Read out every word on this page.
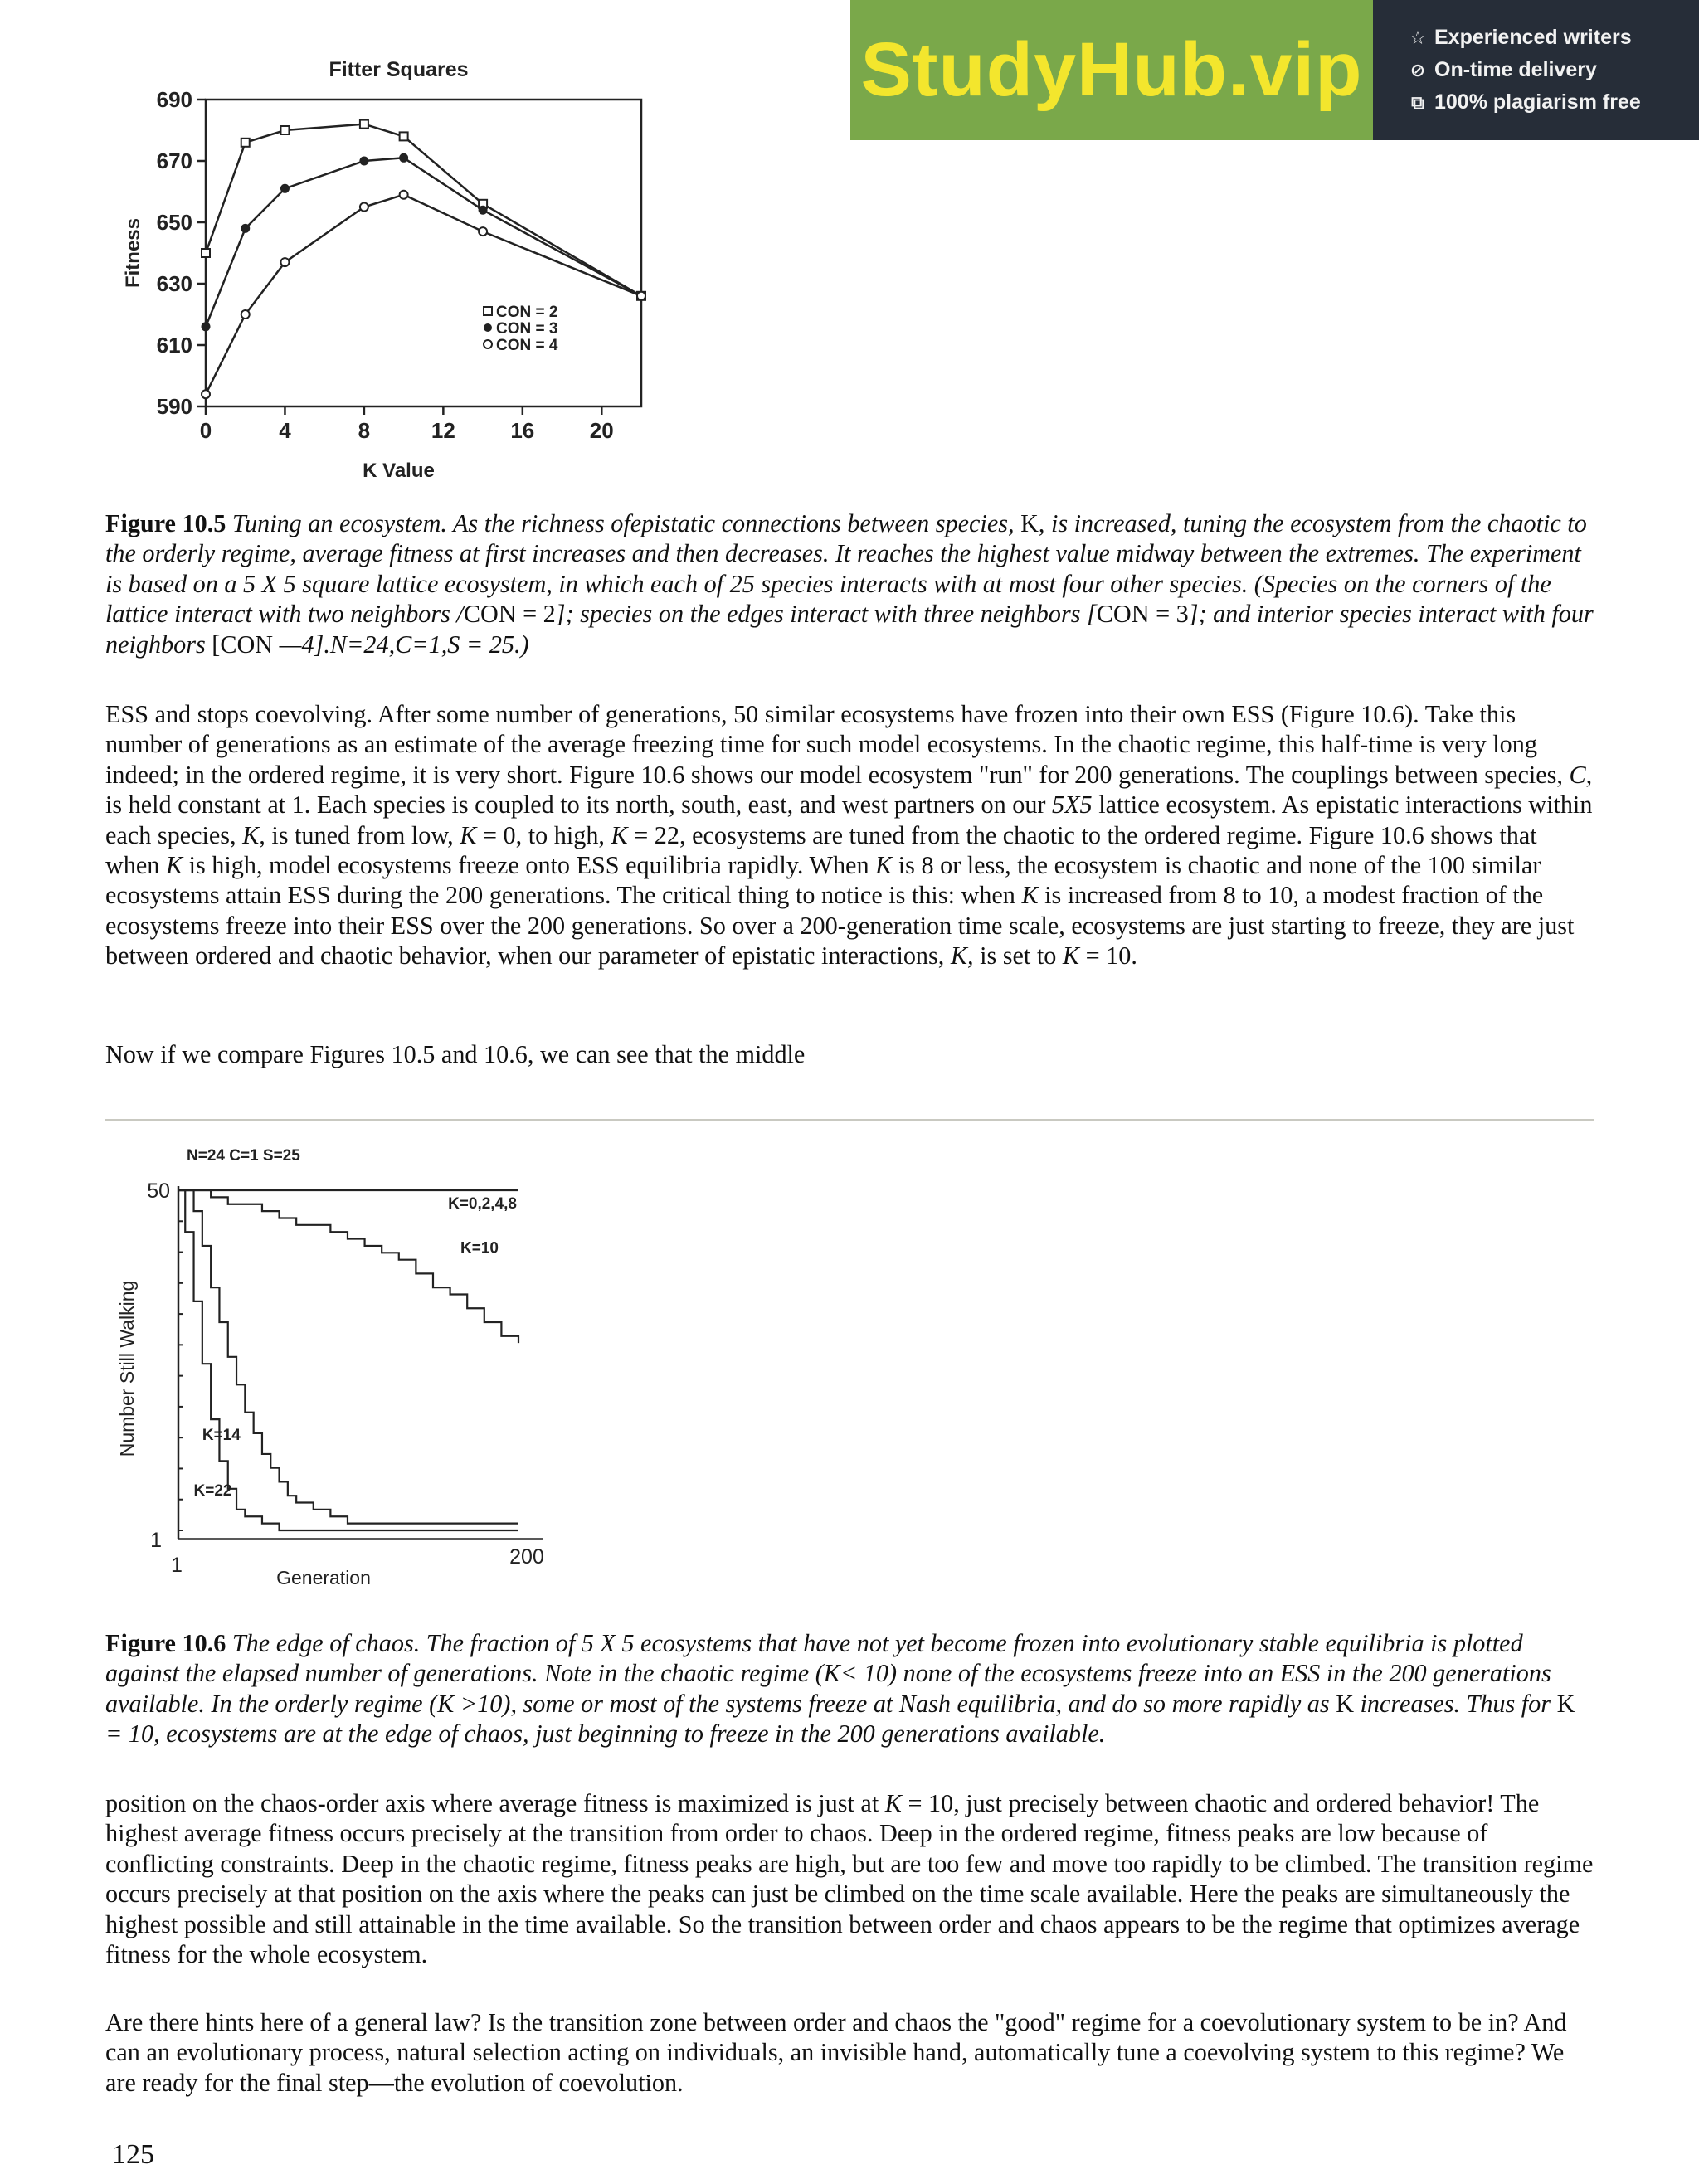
StudyHub.vip	☆ Experienced writers
⊘ On-time delivery
⧉ 100% plagiarism free
Fitter Squares
590
610
630
650
670
690
0	4	8	12	16	20
K Value
Fitness
CON = 2
CON = 3
CON = 4

Figure 10.5 Tuning an ecosystem. As the richness ofepistatic connections between species, K, is increased, tuning the ecosystem from the chaotic to the orderly regime, average fitness at first increases and then decreases. It reaches the highest value midway between the extremes. The experiment is based on a 5 X 5 square lattice ecosystem, in which each of 25 species interacts with at most four other species. (Species on the corners of the lattice interact with two neighbors /CON = 2]; species on the edges interact with three neighbors [CON = 3]; and interior species interact with four neighbors [CON —4].N=24,C=1,S = 25.)

ESS and stops coevolving. After some number of generations, 50 similar ecosystems have frozen into their own ESS (Figure 10.6). Take this number of generations as an estimate of the average freezing time for such model ecosystems. In the chaotic regime, this half-time is very long indeed; in the ordered regime, it is very short. Figure 10.6 shows our model ecosystem "run" for 200 generations. The couplings between species, C, is held constant at 1. Each species is coupled to its north, south, east, and west partners on our 5X5 lattice ecosystem. As epistatic interactions within each species, K, is tuned from low, K = 0, to high, K = 22, ecosystems are tuned from the chaotic to the ordered regime. Figure 10.6 shows that when K is high, model ecosystems freeze onto ESS equilibria rapidly. When K is 8 or less, the ecosystem is chaotic and none of the 100 similar ecosystems attain ESS during the 200 generations. The critical thing to notice is this: when K is increased from 8 to 10, a modest fraction of the ecosystems freeze into their ESS over the 200 generations. So over a 200-generation time scale, ecosystems are just starting to freeze, they are just between ordered and chaotic behavior, when our parameter of epistatic interactions, K, is set to K = 10.

Now if we compare Figures 10.5 and 10.6, we can see that the middle

N=24 C=1 S=25
50
1
1	200
Generation
Number Still Walking
K=0,2,4,8
K=10
K=14
K=22

Figure 10.6 The edge of chaos. The fraction of 5 X 5 ecosystems that have not yet become frozen into evolutionary stable equilibria is plotted against the elapsed number of generations. Note in the chaotic regime (K< 10) none of the ecosystems freeze into an ESS in the 200 generations available. In the orderly regime (K >10), some or most of the systems freeze at Nash equilibria, and do so more rapidly as K increases. Thus for K = 10, ecosystems are at the edge of chaos, just beginning to freeze in the 200 generations available.

position on the chaos-order axis where average fitness is maximized is just at K = 10, just precisely between chaotic and ordered behavior! The highest average fitness occurs precisely at the transition from order to chaos. Deep in the ordered regime, fitness peaks are low because of conflicting constraints. Deep in the chaotic regime, fitness peaks are high, but are too few and move too rapidly to be climbed. The transition regime occurs precisely at that position on the axis where the peaks can just be climbed on the time scale available. Here the peaks are simultaneously the highest possible and still attainable in the time available. So the transition between order and chaos appears to be the regime that optimizes average fitness for the whole ecosystem.

Are there hints here of a general law? Is the transition zone between order and chaos the "good" regime for a coevolutionary system to be in? And can an evolutionary process, natural selection acting on individuals, an invisible hand, automatically tune a coevolving system to this regime? We are ready for the final step—the evolution of coevolution.

125
